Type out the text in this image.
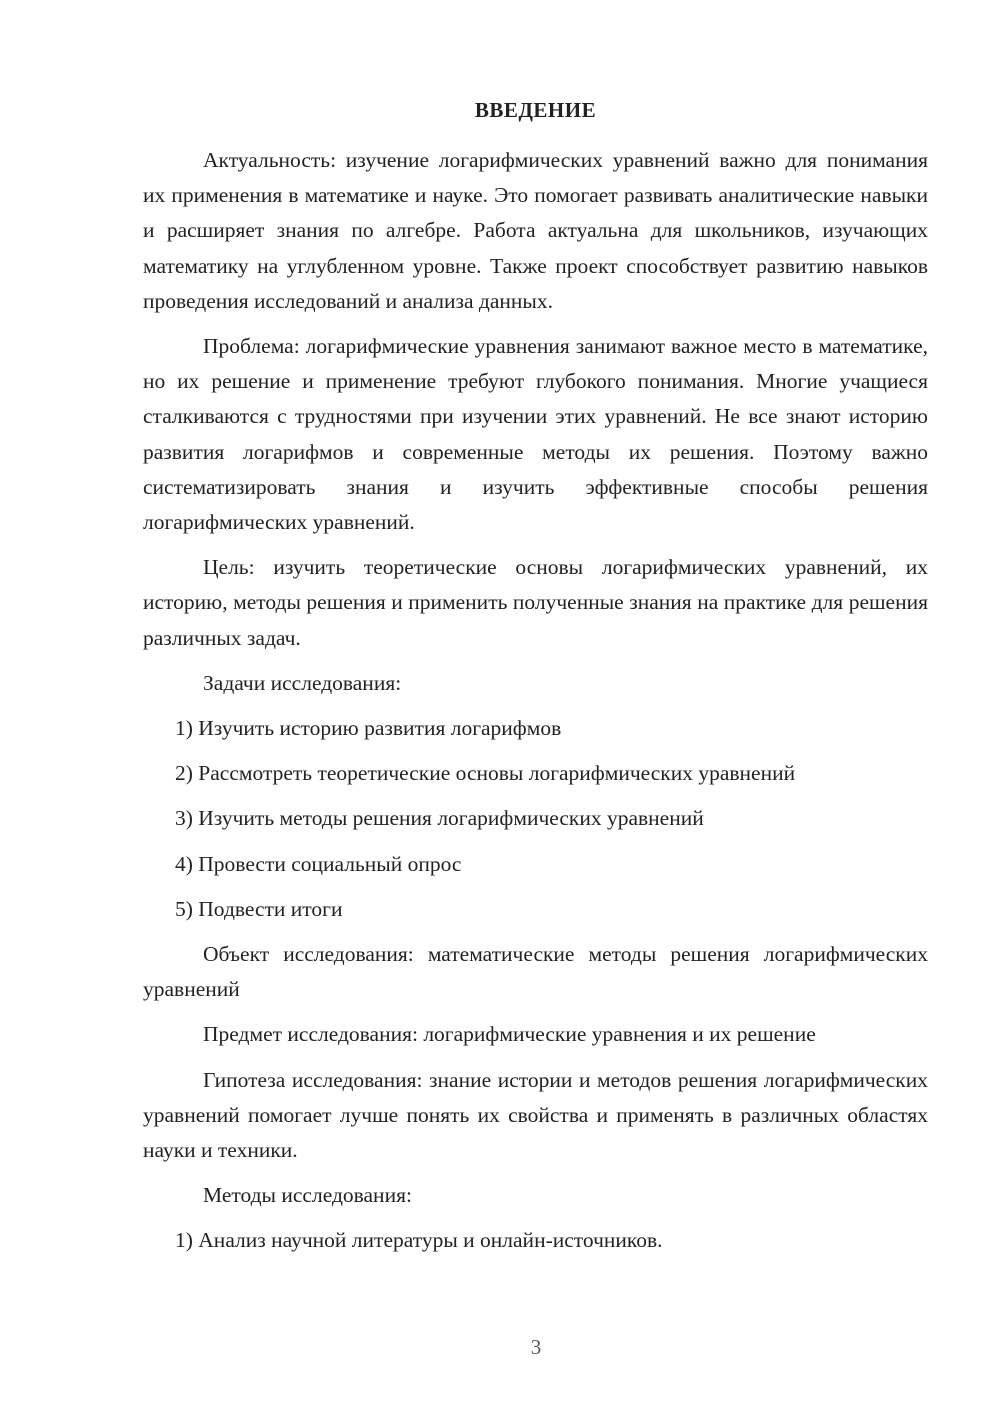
ВВЕДЕНИЕ

Актуальность: изучение логарифмических уравнений важно для понимания их применения в математике и науке. Это помогает развивать аналитические навыки и расширяет знания по алгебре. Работа актуальна для школьников, изучающих математику на углубленном уровне. Также проект способствует развитию навыков проведения исследований и анализа данных.

Проблема: логарифмические уравнения занимают важное место в математике, но их решение и применение требуют глубокого понимания. Многие учащиеся сталкиваются с трудностями при изучении этих уравнений. Не все знают историю развития логарифмов и современные методы их решения. Поэтому важно систематизировать знания и изучить эффективные способы решения логарифмических уравнений.

Цель: изучить теоретические основы логарифмических уравнений, их историю, методы решения и применить полученные знания на практике для решения различных задач.

Задачи исследования:
1) Изучить историю развития логарифмов
2) Рассмотреть теоретические основы логарифмических уравнений
3) Изучить методы решения логарифмических уравнений
4) Провести социальный опрос
5) Подвести итоги

Объект исследования: математические методы решения логарифмических уравнений

Предмет исследования: логарифмические уравнения и их решение

Гипотеза исследования: знание истории и методов решения логарифмических уравнений помогает лучше понять их свойства и применять в различных областях науки и техники.

Методы исследования:
1) Анализ научной литературы и онлайн-источников.
3
